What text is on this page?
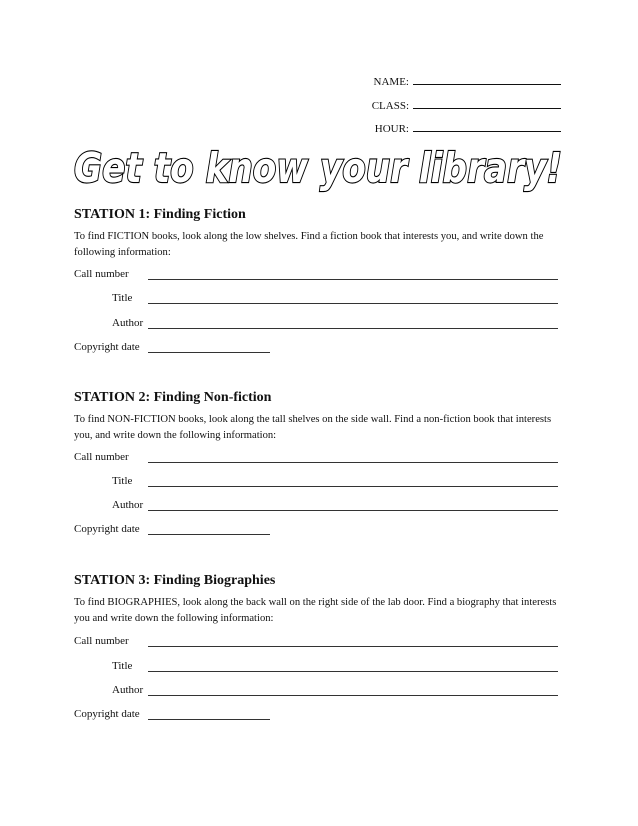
NAME:
CLASS:
HOUR:
Get to know your library!
STATION 1: Finding Fiction
To find FICTION books, look along the low shelves. Find a fiction book that interests you, and write down the following information:
Call number
Title
Author
Copyright date
STATION 2: Finding Non-fiction
To find NON-FICTION books, look along the tall shelves on the side wall. Find a non-fiction book that interests you, and write down the following information:
Call number
Title
Author
Copyright date
STATION 3: Finding Biographies
To find BIOGRAPHIES, look along the back wall on the right side of the lab door. Find a biography that interests you and write down the following information:
Call number
Title
Author
Copyright date
